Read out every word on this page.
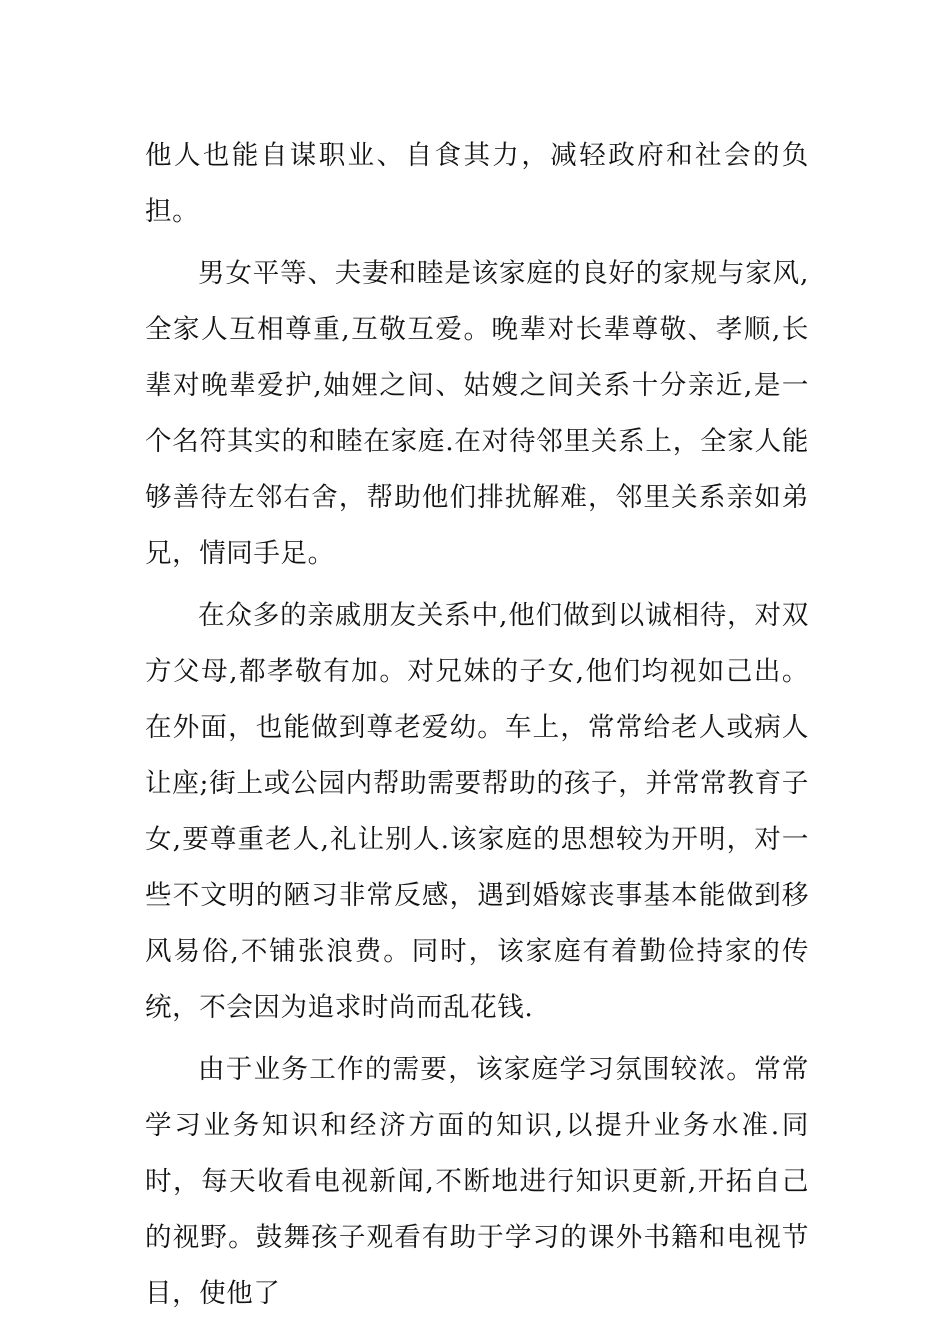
他人也能自谋职业、自食其力，减轻政府和社会的负担。

男女平等、夫妻和睦是该家庭的良好的家规与家风,全家人互相尊重,互敬互爱。晚辈对长辈尊敬、孝顺,长辈对晚辈爱护,妯娌之间、姑嫂之间关系十分亲近,是一个名符其实的和睦在家庭.在对待邻里关系上，全家人能够善待左邻右舍，帮助他们排扰解难，邻里关系亲如弟兄，情同手足。

在众多的亲戚朋友关系中,他们做到以诚相待，对双方父母,都孝敬有加。对兄妹的子女,他们均视如己出。在外面，也能做到尊老爱幼。车上，常常给老人或病人让座;街上或公园内帮助需要帮助的孩子，并常常教育子女,要尊重老人,礼让别人.该家庭的思想较为开明，对一些不文明的陋习非常反感，遇到婚嫁丧事基本能做到移风易俗,不铺张浪费。同时，该家庭有着勤俭持家的传统，不会因为追求时尚而乱花钱.

由于业务工作的需要，该家庭学习氛围较浓。常常学习业务知识和经济方面的知识,以提升业务水准.同时，每天收看电视新闻,不断地进行知识更新,开拓自己的视野。鼓舞孩子观看有助于学习的课外书籍和电视节目，使他了
